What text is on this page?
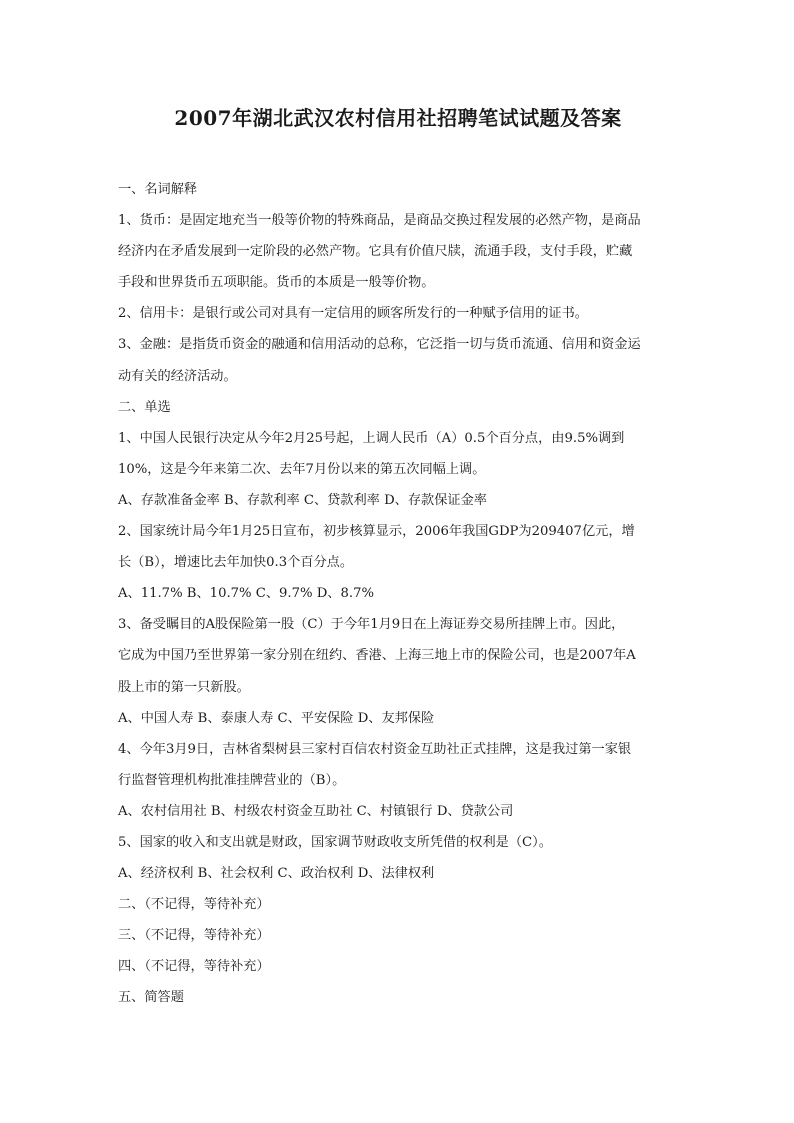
2007年湖北武汉农村信用社招聘笔试试题及答案
一、名词解释
1、货币：是固定地充当一般等价物的特殊商品，是商品交换过程发展的必然产物，是商品
经济内在矛盾发展到一定阶段的必然产物。它具有价值尺牍，流通手段，支付手段，贮藏
手段和世界货币五项职能。货币的本质是一般等价物。
2、信用卡：是银行或公司对具有一定信用的顾客所发行的一种赋予信用的证书。
3、金融：是指货币资金的融通和信用活动的总称，它泛指一切与货币流通、信用和资金运
动有关的经济活动。
二、单选
1、中国人民银行决定从今年2月25号起，上调人民币（A）0.5个百分点，由9.5%调到
10%，这是今年来第二次、去年7月份以来的第五次同幅上调。
A、存款准备金率 B、存款利率 C、贷款利率 D、存款保证金率
2、国家统计局今年1月25日宣布，初步核算显示，2006年我国GDP为209407亿元，增
长（B），增速比去年加快0.3个百分点。
A、11.7% B、10.7% C、9.7% D、8.7%
3、备受瞩目的A股保险第一股（C）于今年1月9日在上海证券交易所挂牌上市。因此，
它成为中国乃至世界第一家分别在纽约、香港、上海三地上市的保险公司，也是2007年A
股上市的第一只新股。
A、中国人寿 B、泰康人寿 C、平安保险 D、友邦保险
4、今年3月9日，吉林省梨树县三家村百信农村资金互助社正式挂牌，这是我过第一家银
行监督管理机构批准挂牌营业的（B）。
A、农村信用社 B、村级农村资金互助社 C、村镇银行 D、贷款公司
5、国家的收入和支出就是财政，国家调节财政收支所凭借的权利是（C）。
A、经济权利 B、社会权利 C、政治权利 D、法律权利
二、（不记得，等待补充）
三、（不记得，等待补充）
四、（不记得，等待补充）
五、简答题
